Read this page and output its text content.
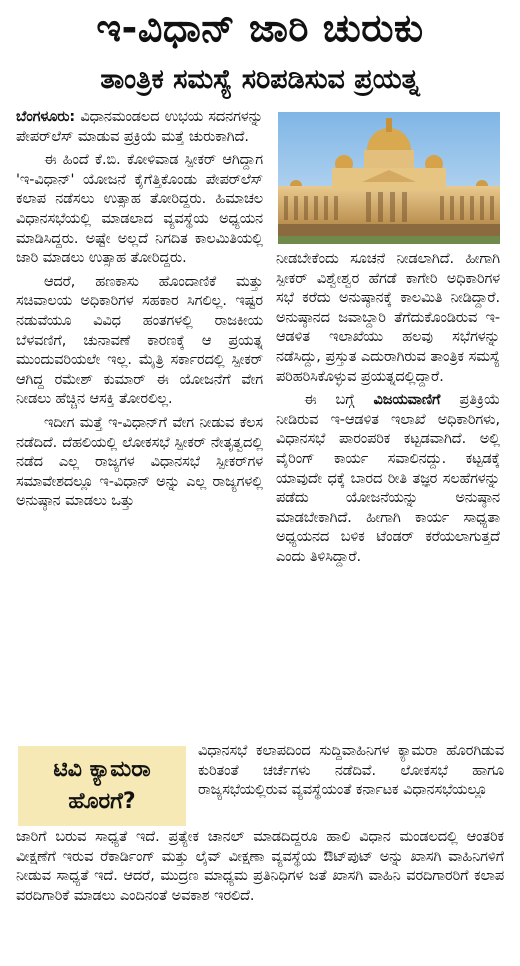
ಇ-ವಿಧಾನ್ ಜಾರಿ ಚುರುಕು
ತಾಂತ್ರಿಕ ಸಮಸ್ಯೆ ಸರಿಪಡಿಸುವ ಪ್ರಯತ್ನ

ಬೆಂಗಳೂರು: ವಿಧಾನಮಂಡಲದ ಉಭಯ ಸದನಗಳನ್ನು ಪೇಪರ್‌ಲೆಸ್ ಮಾಡುವ ಪ್ರಕ್ರಿಯೆ ಮತ್ತೆ ಚುರುಕಾಗಿದೆ.

ಈ ಹಿಂದೆ ಕೆ.ಬಿ. ಕೋಳಿವಾಡ ಸ್ಪೀಕರ್ ಆಗಿದ್ದಾಗ 'ಇ-ವಿಧಾನ್' ಯೋಜನೆ ಕೈಗೆತ್ತಿಕೊಂಡು ಪೇಪರ್‌ಲೆಸ್ ಕಲಾಪ ನಡೆಸಲು ಉತ್ಸಾಹ ತೋರಿದ್ದರು. ಹಿಮಾಚಲ ವಿಧಾನಸಭೆಯಲ್ಲಿ ಮಾಡಲಾದ ವ್ಯವಸ್ಥೆಯ ಅಧ್ಯಯನ ಮಾಡಿಸಿದ್ದರು. ಅಷ್ಟೇ ಅಲ್ಲದೆ ನಿಗದಿತ ಕಾಲಮಿತಿಯಲ್ಲಿ ಜಾರಿ ಮಾಡಲು ಉತ್ಸಾಹ ತೋರಿದ್ದರು.

ಆದರೆ, ಹಣಕಾಸು ಹೊಂದಾಣಿಕೆ ಮತ್ತು ಸಚಿವಾಲಯ ಅಧಿಕಾರಿಗಳ ಸಹಕಾರ ಸಿಗಲಿಲ್ಲ. ಇಷ್ಟರ ನಡುವೆಯೂ ವಿವಿಧ ಹಂತಗಳಲ್ಲಿ ರಾಜಕೀಯ ಬೆಳವಣಿಗೆ, ಚುನಾವಣೆ ಕಾರಣಕ್ಕೆ ಆ ಪ್ರಯತ್ನ ಮುಂದುವರಿಯಲೇ ಇಲ್ಲ. ಮೈತ್ರಿ ಸರ್ಕಾರದಲ್ಲಿ ಸ್ಪೀಕರ್ ಆಗಿದ್ದ ರಮೇಶ್ ಕುಮಾರ್ ಈ ಯೋಜನೆಗೆ ವೇಗ ನೀಡಲು ಹೆಚ್ಚಿನ ಆಸಕ್ತಿ ತೋರಲಿಲ್ಲ.

ಇದೀಗ ಮತ್ತೆ ಇ-ವಿಧಾನ್‌ಗೆ ವೇಗ ನೀಡುವ ಕೆಲಸ ನಡೆದಿದೆ. ದೆಹಲಿಯಲ್ಲಿ ಲೋಕಸಭೆ ಸ್ಪೀಕರ್ ನೇತೃತ್ವದಲ್ಲಿ ನಡೆದ ಎಲ್ಲ ರಾಜ್ಯಗಳ ವಿಧಾನಸಭೆ ಸ್ಪೀಕರ್‌ಗಳ ಸಮಾವೇಶದಲ್ಲೂ ಇ-ವಿಧಾನ್ ಅನ್ನು ಎಲ್ಲ ರಾಜ್ಯಗಳಲ್ಲಿ ಅನುಷ್ಠಾನ ಮಾಡಲು ಒತ್ತು

ನೀಡಬೇಕೆಂದು ಸೂಚನೆ ನೀಡಲಾಗಿದೆ. ಹೀಗಾಗಿ ಸ್ಪೀಕರ್ ವಿಶ್ವೇಶ್ವರ ಹೆಗಡೆ ಕಾಗೇರಿ ಅಧಿಕಾರಿಗಳ ಸಭೆ ಕರೆದು ಅನುಷ್ಠಾನಕ್ಕೆ ಕಾಲಮಿತಿ ನೀಡಿದ್ದಾರೆ. ಅನುಷ್ಠಾನದ ಜವಾಬ್ದಾರಿ ತೆಗೆದುಕೊಂಡಿರುವ ಇ-ಆಡಳಿತ ಇಲಾಖೆಯು ಹಲವು ಸಭೆಗಳನ್ನು ನಡೆಸಿದ್ದು, ಪ್ರಸ್ತುತ ಎದುರಾಗಿರುವ ತಾಂತ್ರಿಕ ಸಮಸ್ಯೆ ಪರಿಹರಿಸಿಕೊಳ್ಳುವ ಪ್ರಯತ್ನದಲ್ಲಿದ್ದಾರೆ.

ಈ ಬಗ್ಗೆ ವಿಜಯವಾಣಿಗೆ ಪ್ರತಿಕ್ರಿಯೆ ನೀಡಿರುವ ಇ-ಆಡಳಿತ ಇಲಾಖೆ ಅಧಿಕಾರಿಗಳು, ವಿಧಾನಸಭೆ ಪಾರಂಪರಿಕ ಕಟ್ಟಡವಾಗಿದೆ. ಅಲ್ಲಿ ವೈರಿಂಗ್ ಕಾರ್ಯ ಸವಾಲಿನದ್ದು. ಕಟ್ಟಡಕ್ಕೆ ಯಾವುದೇ ಧಕ್ಕೆ ಬಾರದ ರೀತಿ ತಜ್ಞರ ಸಲಹೆಗಳನ್ನು ಪಡೆದು ಯೋಜನೆಯನ್ನು ಅನುಷ್ಠಾನ ಮಾಡಬೇಕಾಗಿದೆ. ಹೀಗಾಗಿ ಕಾರ್ಯ ಸಾಧ್ಯತಾ ಅಧ್ಯಯನದ ಬಳಿಕ ಟೆಂಡರ್ ಕರೆಯಲಾಗುತ್ತದೆ ಎಂದು ತಿಳಿಸಿದ್ದಾರೆ.

ಟಿವಿ ಕ್ಯಾಮರಾ ಹೊರಗೆ?
ವಿಧಾನಸಭೆ ಕಲಾಪದಿಂದ ಸುದ್ದಿವಾಹಿನಿಗಳ ಕ್ಯಾಮರಾ ಹೊರಗಿಡುವ ಕುರಿತಂತೆ ಚರ್ಚೆಗಳು ನಡೆದಿವೆ. ಲೋಕಸಭೆ ಹಾಗೂ ರಾಜ್ಯಸಭೆಯಲ್ಲಿರುವ ವ್ಯವಸ್ಥೆಯಂತೆ ಕರ್ನಾಟಕ ವಿಧಾನಸಭೆಯಲ್ಲೂ
ಜಾರಿಗೆ ಬರುವ ಸಾಧ್ಯತೆ ಇದೆ. ಪ್ರತ್ಯೇಕ ಚಾನಲ್ ಮಾಡದಿದ್ದರೂ ಹಾಲಿ ವಿಧಾನ ಮಂಡಲದಲ್ಲಿ ಆಂತರಿಕ ವೀಕ್ಷಣೆಗೆ ಇರುವ ರೆಕಾರ್ಡಿಂಗ್ ಮತ್ತು ಲೈವ್ ವೀಕ್ಷಣಾ ವ್ಯವಸ್ಥೆಯ ಔಟ್‌ಪುಟ್ ಅನ್ನು ಖಾಸಗಿ ವಾಹಿನಿಗಳಿಗೆ ನೀಡುವ ಸಾಧ್ಯತೆ ಇದೆ. ಆದರೆ, ಮುದ್ರಣ ಮಾಧ್ಯಮ ಪ್ರತಿನಿಧಿಗಳ ಜತೆ ಖಾಸಗಿ ವಾಹಿನಿ ವರದಿಗಾರರಿಗೆ ಕಲಾಪ ವರದಿಗಾರಿಕೆ ಮಾಡಲು ಎಂದಿನಂತೆ ಅವಕಾಶ ಇರಲಿದೆ.
